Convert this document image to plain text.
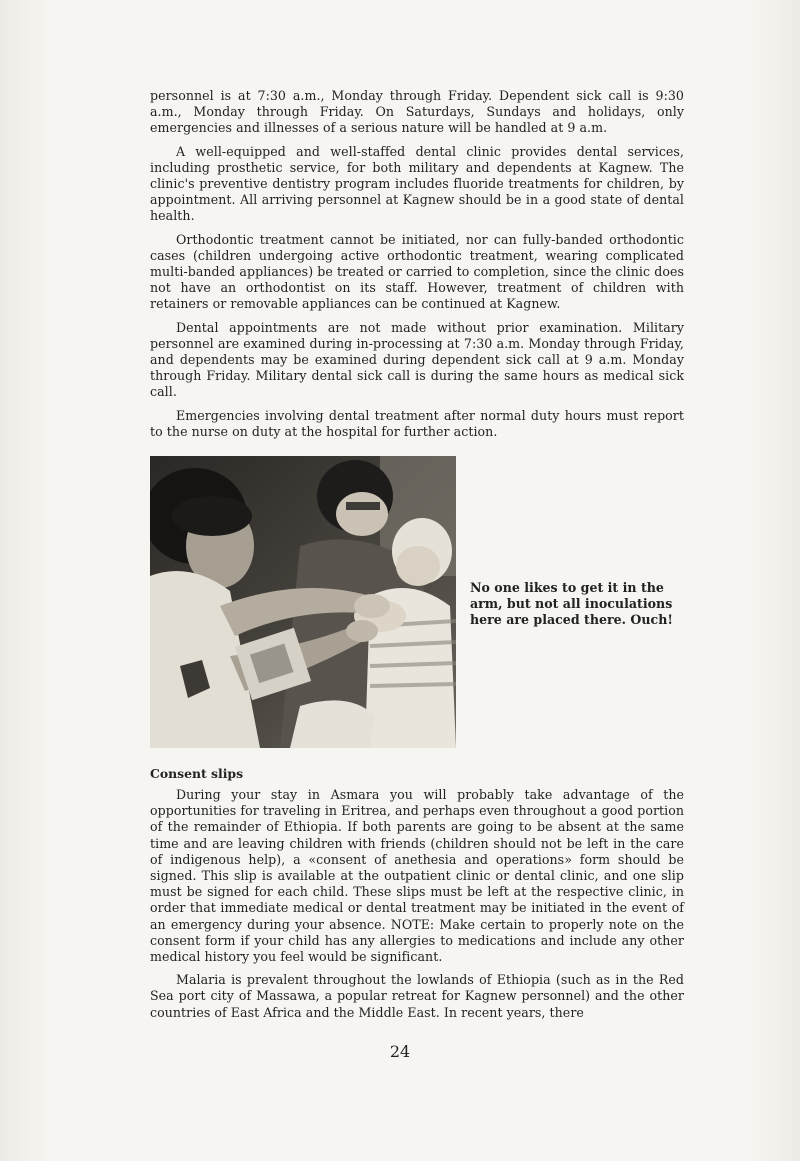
personnel is at 7:30 a.m., Monday through Friday. Dependent sick call is 9:30 a.m., Monday through Friday. On Saturdays, Sundays and holidays, only emergencies and illnesses of a serious nature will be handled at 9 a.m.

A well-equipped and well-staffed dental clinic provides dental services, including prosthetic service, for both military and dependents at Kagnew. The clinic's preventive dentistry program includes fluoride treatments for children, by appointment. All arriving personnel at Kagnew should be in a good state of dental health.

Orthodontic treatment cannot be initiated, nor can fully-banded orthodontic cases (children undergoing active orthodontic treatment, wearing complicated multi-banded appliances) be treated or carried to completion, since the clinic does not have an orthodontist on its staff. However, treatment of children with retainers or removable appliances can be continued at Kagnew.

Dental appointments are not made without prior examination. Military personnel are examined during in-processing at 7:30 a.m. Monday through Friday, and dependents may be examined during dependent sick call at 9 a.m. Monday through Friday. Military dental sick call is during the same hours as medical sick call.

Emergencies involving dental treatment after normal duty hours must report to the nurse on duty at the hospital for further action.

No one likes to get it in the arm, but not all inoculations here are placed there. Ouch!

Consent slips

During your stay in Asmara you will probably take advantage of the opportunities for traveling in Eritrea, and perhaps even throughout a good portion of the remainder of Ethiopia. If both parents are going to be absent at the same time and are leaving children with friends (children should not be left in the care of indigenous help), a «consent of anethesia and operations» form should be signed. This slip is available at the outpatient clinic or dental clinic, and one slip must be signed for each child. These slips must be left at the respective clinic, in order that immediate medical or dental treatment may be initiated in the event of an emergency during your absence. NOTE: Make certain to properly note on the consent form if your child has any allergies to medications and include any other medical history you feel would be significant.

Malaria is prevalent throughout the lowlands of Ethiopia (such as in the Red Sea port city of Massawa, a popular retreat for Kagnew personnel) and the other countries of East Africa and the Middle East. In recent years, there

24
